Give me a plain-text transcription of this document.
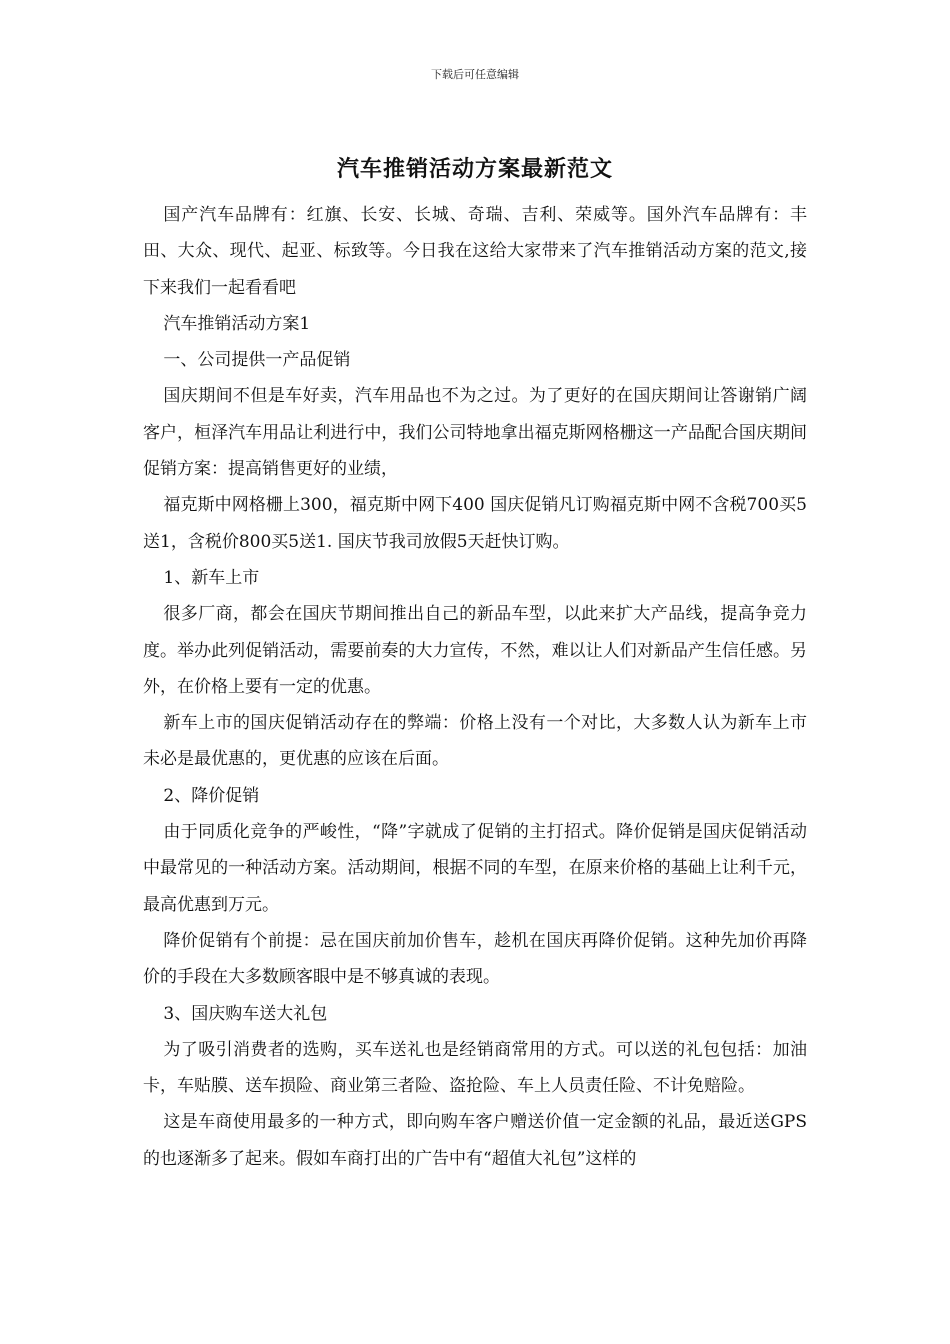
下载后可任意编辑
汽车推销活动方案最新范文

国产汽车品牌有：红旗、长安、长城、奇瑞、吉利、荣威等。国外汽车品牌有：丰田、大众、现代、起亚、标致等。今日我在这给大家带来了汽车推销活动方案的范文,接下来我们一起看看吧

汽车推销活动方案1

一、公司提供一产品促销

国庆期间不但是车好卖，汽车用品也不为之过。为了更好的在国庆期间让答谢销广阔客户，桓泽汽车用品让利进行中，我们公司特地拿出福克斯网格栅这一产品配合国庆期间促销方案：提高销售更好的业绩，

福克斯中网格栅上300，福克斯中网下400 国庆促销凡订购福克斯中网不含税700买5送1，含税价800买5送1. 国庆节我司放假5天赶快订购。

1、新车上市

很多厂商，都会在国庆节期间推出自己的新品车型，以此来扩大产品线，提高争竞力度。举办此列促销活动，需要前奏的大力宣传，不然，难以让人们对新品产生信任感。另外，在价格上要有一定的优惠。

新车上市的国庆促销活动存在的弊端：价格上没有一个对比，大多数人认为新车上市未必是最优惠的，更优惠的应该在后面。

2、降价促销

由于同质化竞争的严峻性，“降”字就成了促销的主打招式。降价促销是国庆促销活动中最常见的一种活动方案。活动期间，根据不同的车型，在原来价格的基础上让利千元，最高优惠到万元。

降价促销有个前提：忌在国庆前加价售车，趁机在国庆再降价促销。这种先加价再降价的手段在大多数顾客眼中是不够真诚的表现。

3、国庆购车送大礼包

为了吸引消费者的选购，买车送礼也是经销商常用的方式。可以送的礼包包括：加油卡，车贴膜、送车损险、商业第三者险、盗抢险、车上人员责任险、不计免赔险。

这是车商使用最多的一种方式，即向购车客户赠送价值一定金额的礼品，最近送GPS的也逐渐多了起来。假如车商打出的广告中有“超值大礼包”这样的
